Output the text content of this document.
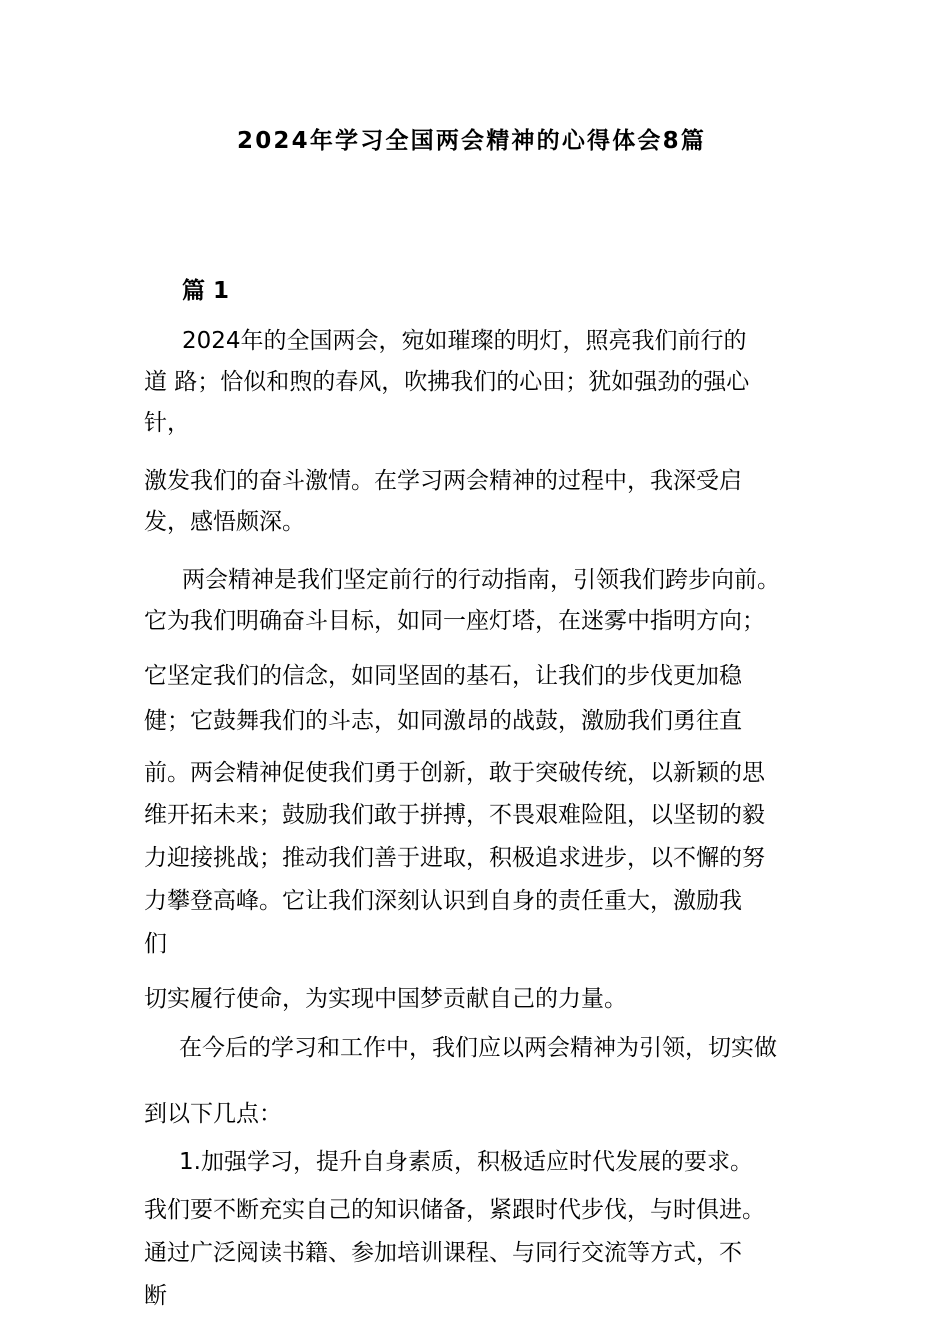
2024年学习全国两会精神的心得体会8篇
篇 1
2024年的全国两会，宛如璀璨的明灯，照亮我们前行的
道 路；恰似和煦的春风，吹拂我们的心田；犹如强劲的强心
针，
激发我们的奋斗激情。在学习两会精神的过程中，我深受启
发，感悟颇深。
两会精神是我们坚定前行的行动指南，引领我们跨步向前。
它为我们明确奋斗目标，如同一座灯塔，在迷雾中指明方向；
它坚定我们的信念，如同坚固的基石，让我们的步伐更加稳
健；它鼓舞我们的斗志，如同激昂的战鼓，激励我们勇往直
前。两会精神促使我们勇于创新，敢于突破传统，以新颖的思
维开拓未来；鼓励我们敢于拼搏，不畏艰难险阻，以坚韧的毅
力迎接挑战；推动我们善于进取，积极追求进步，以不懈的努
力攀登高峰。它让我们深刻认识到自身的责任重大，激励我
们
切实履行使命，为实现中国梦贡献自己的力量。
在今后的学习和工作中，我们应以两会精神为引领，切实做
到以下几点：
1.加强学习，提升自身素质，积极适应时代发展的要求。
我们要不断充实自己的知识储备，紧跟时代步伐，与时俱进。
通过广泛阅读书籍、参加培训课程、与同行交流等方式，不
断
